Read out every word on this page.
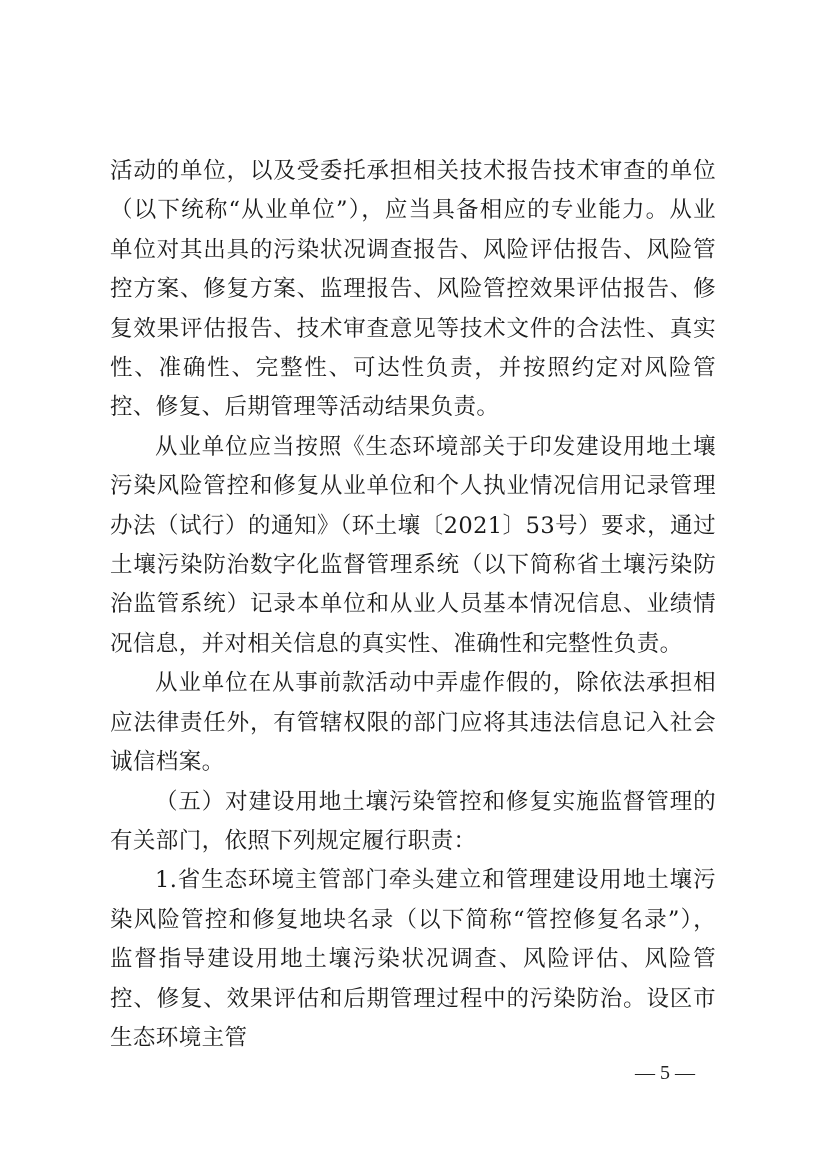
活动的单位，以及受委托承担相关技术报告技术审查的单位（以下统称“从业单位”），应当具备相应的专业能力。从业单位对其出具的污染状况调查报告、风险评估报告、风险管控方案、修复方案、监理报告、风险管控效果评估报告、修复效果评估报告、技术审查意见等技术文件的合法性、真实性、准确性、完整性、可达性负责，并按照约定对风险管控、修复、后期管理等活动结果负责。

从业单位应当按照《生态环境部关于印发建设用地土壤污染风险管控和修复从业单位和个人执业情况信用记录管理办法（试行）的通知》（环土壤〔2021〕53号）要求，通过土壤污染防治数字化监督管理系统（以下简称省土壤污染防治监管系统）记录本单位和从业人员基本情况信息、业绩情况信息，并对相关信息的真实性、准确性和完整性负责。

从业单位在从事前款活动中弄虚作假的，除依法承担相应法律责任外，有管辖权限的部门应将其违法信息记入社会诚信档案。

（五）对建设用地土壤污染管控和修复实施监督管理的有关部门，依照下列规定履行职责：

1.省生态环境主管部门牵头建立和管理建设用地土壤污染风险管控和修复地块名录（以下简称“管控修复名录”），监督指导建设用地土壤污染状况调查、风险评估、风险管控、修复、效果评估和后期管理过程中的污染防治。设区市生态环境主管

— 5 —
